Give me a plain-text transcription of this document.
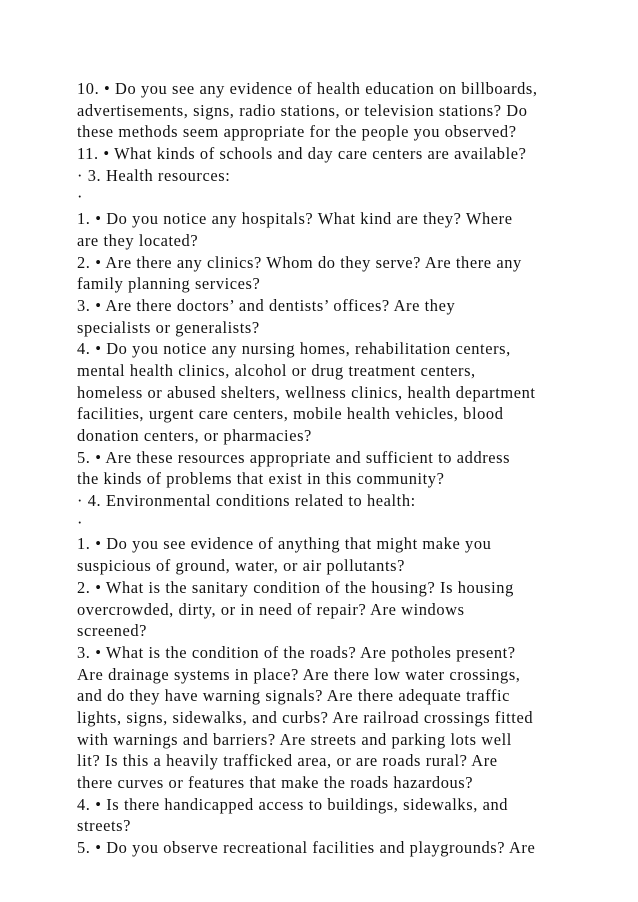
10. • Do you see any evidence of health education on billboards,
advertisements, signs, radio stations, or television stations? Do
these methods seem appropriate for the people you observed?
11. • What kinds of schools and day care centers are available?
· 3. Health resources:
·
1. • Do you notice any hospitals? What kind are they? Where
are they located?
2. • Are there any clinics? Whom do they serve? Are there any
family planning services?
3. • Are there doctors’ and dentists’ offices? Are they
specialists or generalists?
4. • Do you notice any nursing homes, rehabilitation centers,
mental health clinics, alcohol or drug treatment centers,
homeless or abused shelters, wellness clinics, health department
facilities, urgent care centers, mobile health vehicles, blood
donation centers, or pharmacies?
5. • Are these resources appropriate and sufficient to address
the kinds of problems that exist in this community?
· 4. Environmental conditions related to health:
·
1. • Do you see evidence of anything that might make you
suspicious of ground, water, or air pollutants?
2. • What is the sanitary condition of the housing? Is housing
overcrowded, dirty, or in need of repair? Are windows
screened?
3. • What is the condition of the roads? Are potholes present?
Are drainage systems in place? Are there low water crossings,
and do they have warning signals? Are there adequate traffic
lights, signs, sidewalks, and curbs? Are railroad crossings fitted
with warnings and barriers? Are streets and parking lots well
lit? Is this a heavily trafficked area, or are roads rural? Are
there curves or features that make the roads hazardous?
4. • Is there handicapped access to buildings, sidewalks, and
streets?
5. • Do you observe recreational facilities and playgrounds? Are
